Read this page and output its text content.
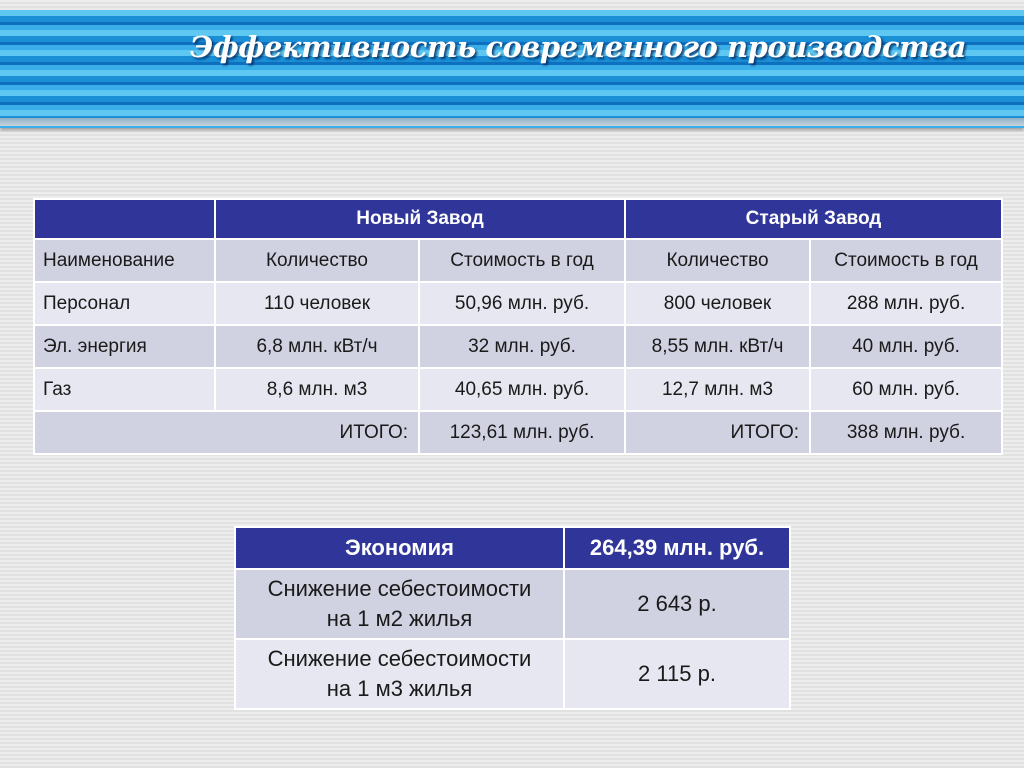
Эффективность современного производства
	Новый Завод		Старый Завод	
Наименование	Количество	Стоимость в год	Количество	Стоимость в год
Персонал	110 человек	50,96 млн. руб.	800 человек	288 млн. руб.
Эл. энергия	6,8 млн. кВт/ч	32 млн. руб.	8,55 млн. кВт/ч	40 млн. руб.
Газ	8,6 млн. м3	40,65 млн. руб.	12,7 млн. м3	60 млн. руб.
ИТОГО:		123,61 млн. руб.	ИТОГО:	388 млн. руб.
Экономия	264,39 млн. руб.
Снижение себестоимости
на 1 м2 жилья	2 643 р.
Снижение себестоимости
на 1 м3 жилья	2 115 р.
